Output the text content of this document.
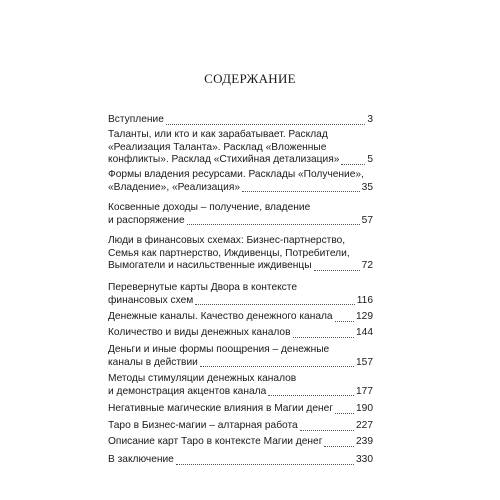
СОДЕРЖАНИЕ
Вступление	3
Таланты, или кто и как зарабатывает. Расклад
«Реализация Таланта». Расклад «Вложенные
конфликты». Расклад «Стихийная детализация»	5
Формы владения ресурсами. Расклады «Получение»,
«Владение», «Реализация»	35
Косвенные доходы – получение, владение
и распоряжение	57
Люди в финансовых схемах: Бизнес-партнерство,
Семья как партнерство, Иждивенцы, Потребители,
Вымогатели и насильственные иждивенцы	72
Перевернутые карты Двора в контексте
финансовых схем	116
Денежные каналы. Качество денежного канала 129
Количество и виды денежных каналов	144
Деньги и иные формы поощрения – денежные
каналы в действии	157
Методы стимуляции денежных каналов
и демонстрация акцентов канала	177
Негативные магические влияния в Магии денег 190
Таро в Бизнес-магии – алтарная работа	227
Описание карт Таро в контексте Магии денег	239
В заключение	330
